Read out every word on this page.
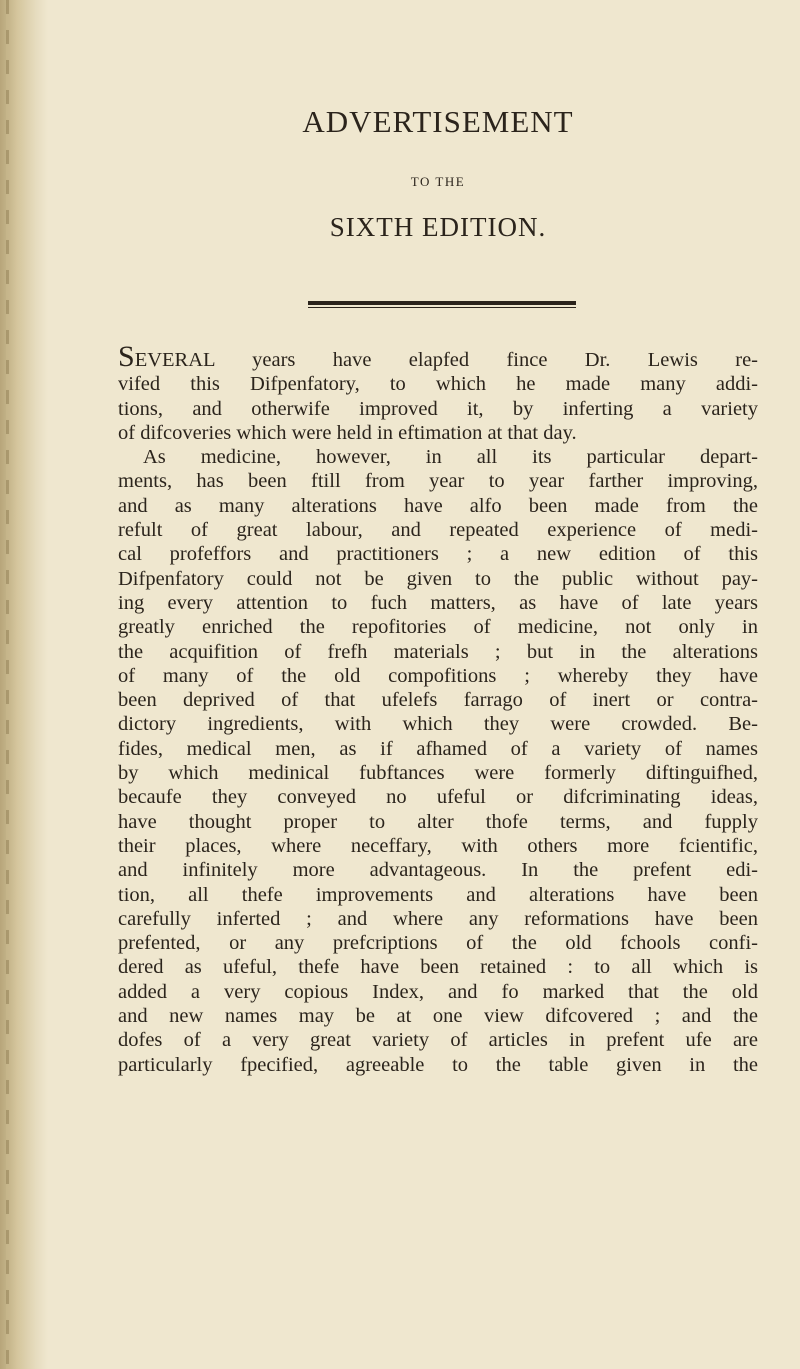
ADVERTISEMENT

TO THE

SIXTH EDITION.

SEVERAL years have elapfed fince Dr. Lewis re-
vifed this Difpenfatory, to which he made many addi-
tions, and otherwife improved it, by inferting a variety
of difcoveries which were held in eftimation at that day.
As medicine, however, in all its particular depart-
ments, has been ftill from year to year farther improving,
and as many alterations have alfo been made from the
refult of great labour, and repeated experience of medi-
cal profeffors and practitioners ; a new edition of this
Difpenfatory could not be given to the public without pay-
ing every attention to fuch matters, as have of late years
greatly enriched the repofitories of medicine, not only in
the acquifition of frefh materials ; but in the alterations
of many of the old compofitions ; whereby they have
been deprived of that ufelefs farrago of inert or contra-
dictory ingredients, with which they were crowded. Be-
fides, medical men, as if afhamed of a variety of names
by which medinical fubftances were formerly diftinguifhed,
becaufe they conveyed no ufeful or difcriminating ideas,
have thought proper to alter thofe terms, and fupply
their places, where neceffary, with others more fcientific,
and infinitely more advantageous. In the prefent edi-
tion, all thefe improvements and alterations have been
carefully inferted ; and where any reformations have been
prefented, or any prefcriptions of the old fchools confi-
dered as ufeful, thefe have been retained : to all which is
added a very copious Index, and fo marked that the old
and new names may be at one view difcovered ; and the
dofes of a very great variety of articles in prefent ufe are
particularly fpecified, agreeable to the table given in the
